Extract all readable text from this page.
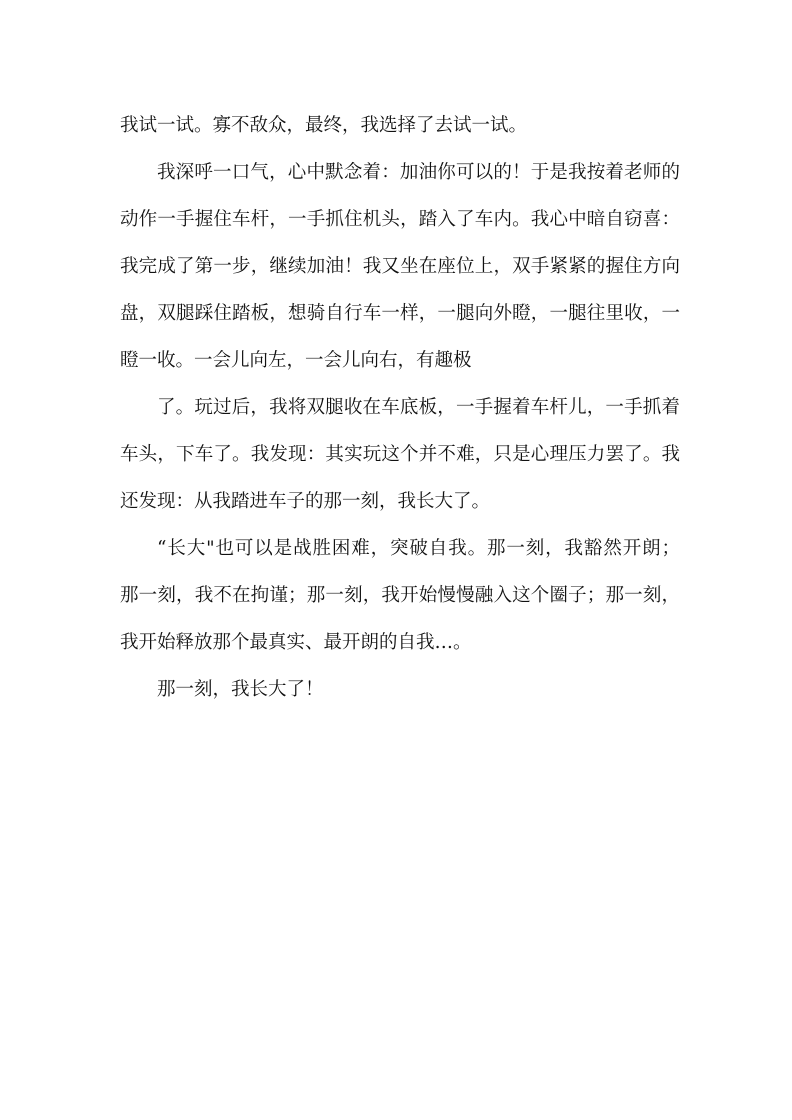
我试一试。寡不敌众，最终，我选择了去试一试。
我深呼一口气，心中默念着：加油你可以的！于是我按着老师的
动作一手握住车杆，一手抓住机头，踏入了车内。我心中暗自窃喜：
我完成了第一步，继续加油！我又坐在座位上，双手紧紧的握住方向
盘，双腿踩住踏板，想骑自行车一样，一腿向外瞪，一腿往里收，一
瞪一收。一会儿向左，一会儿向右，有趣极
了。玩过后，我将双腿收在车底板，一手握着车杆儿，一手抓着
车头，下车了。我发现：其实玩这个并不难，只是心理压力罢了。我
还发现：从我踏进车子的那一刻，我长大了。
“长大"也可以是战胜困难，突破自我。那一刻，我豁然开朗；
那一刻，我不在拘谨；那一刻，我开始慢慢融入这个圈子；那一刻，
我开始释放那个最真实、最开朗的自我…。
那一刻，我长大了！
